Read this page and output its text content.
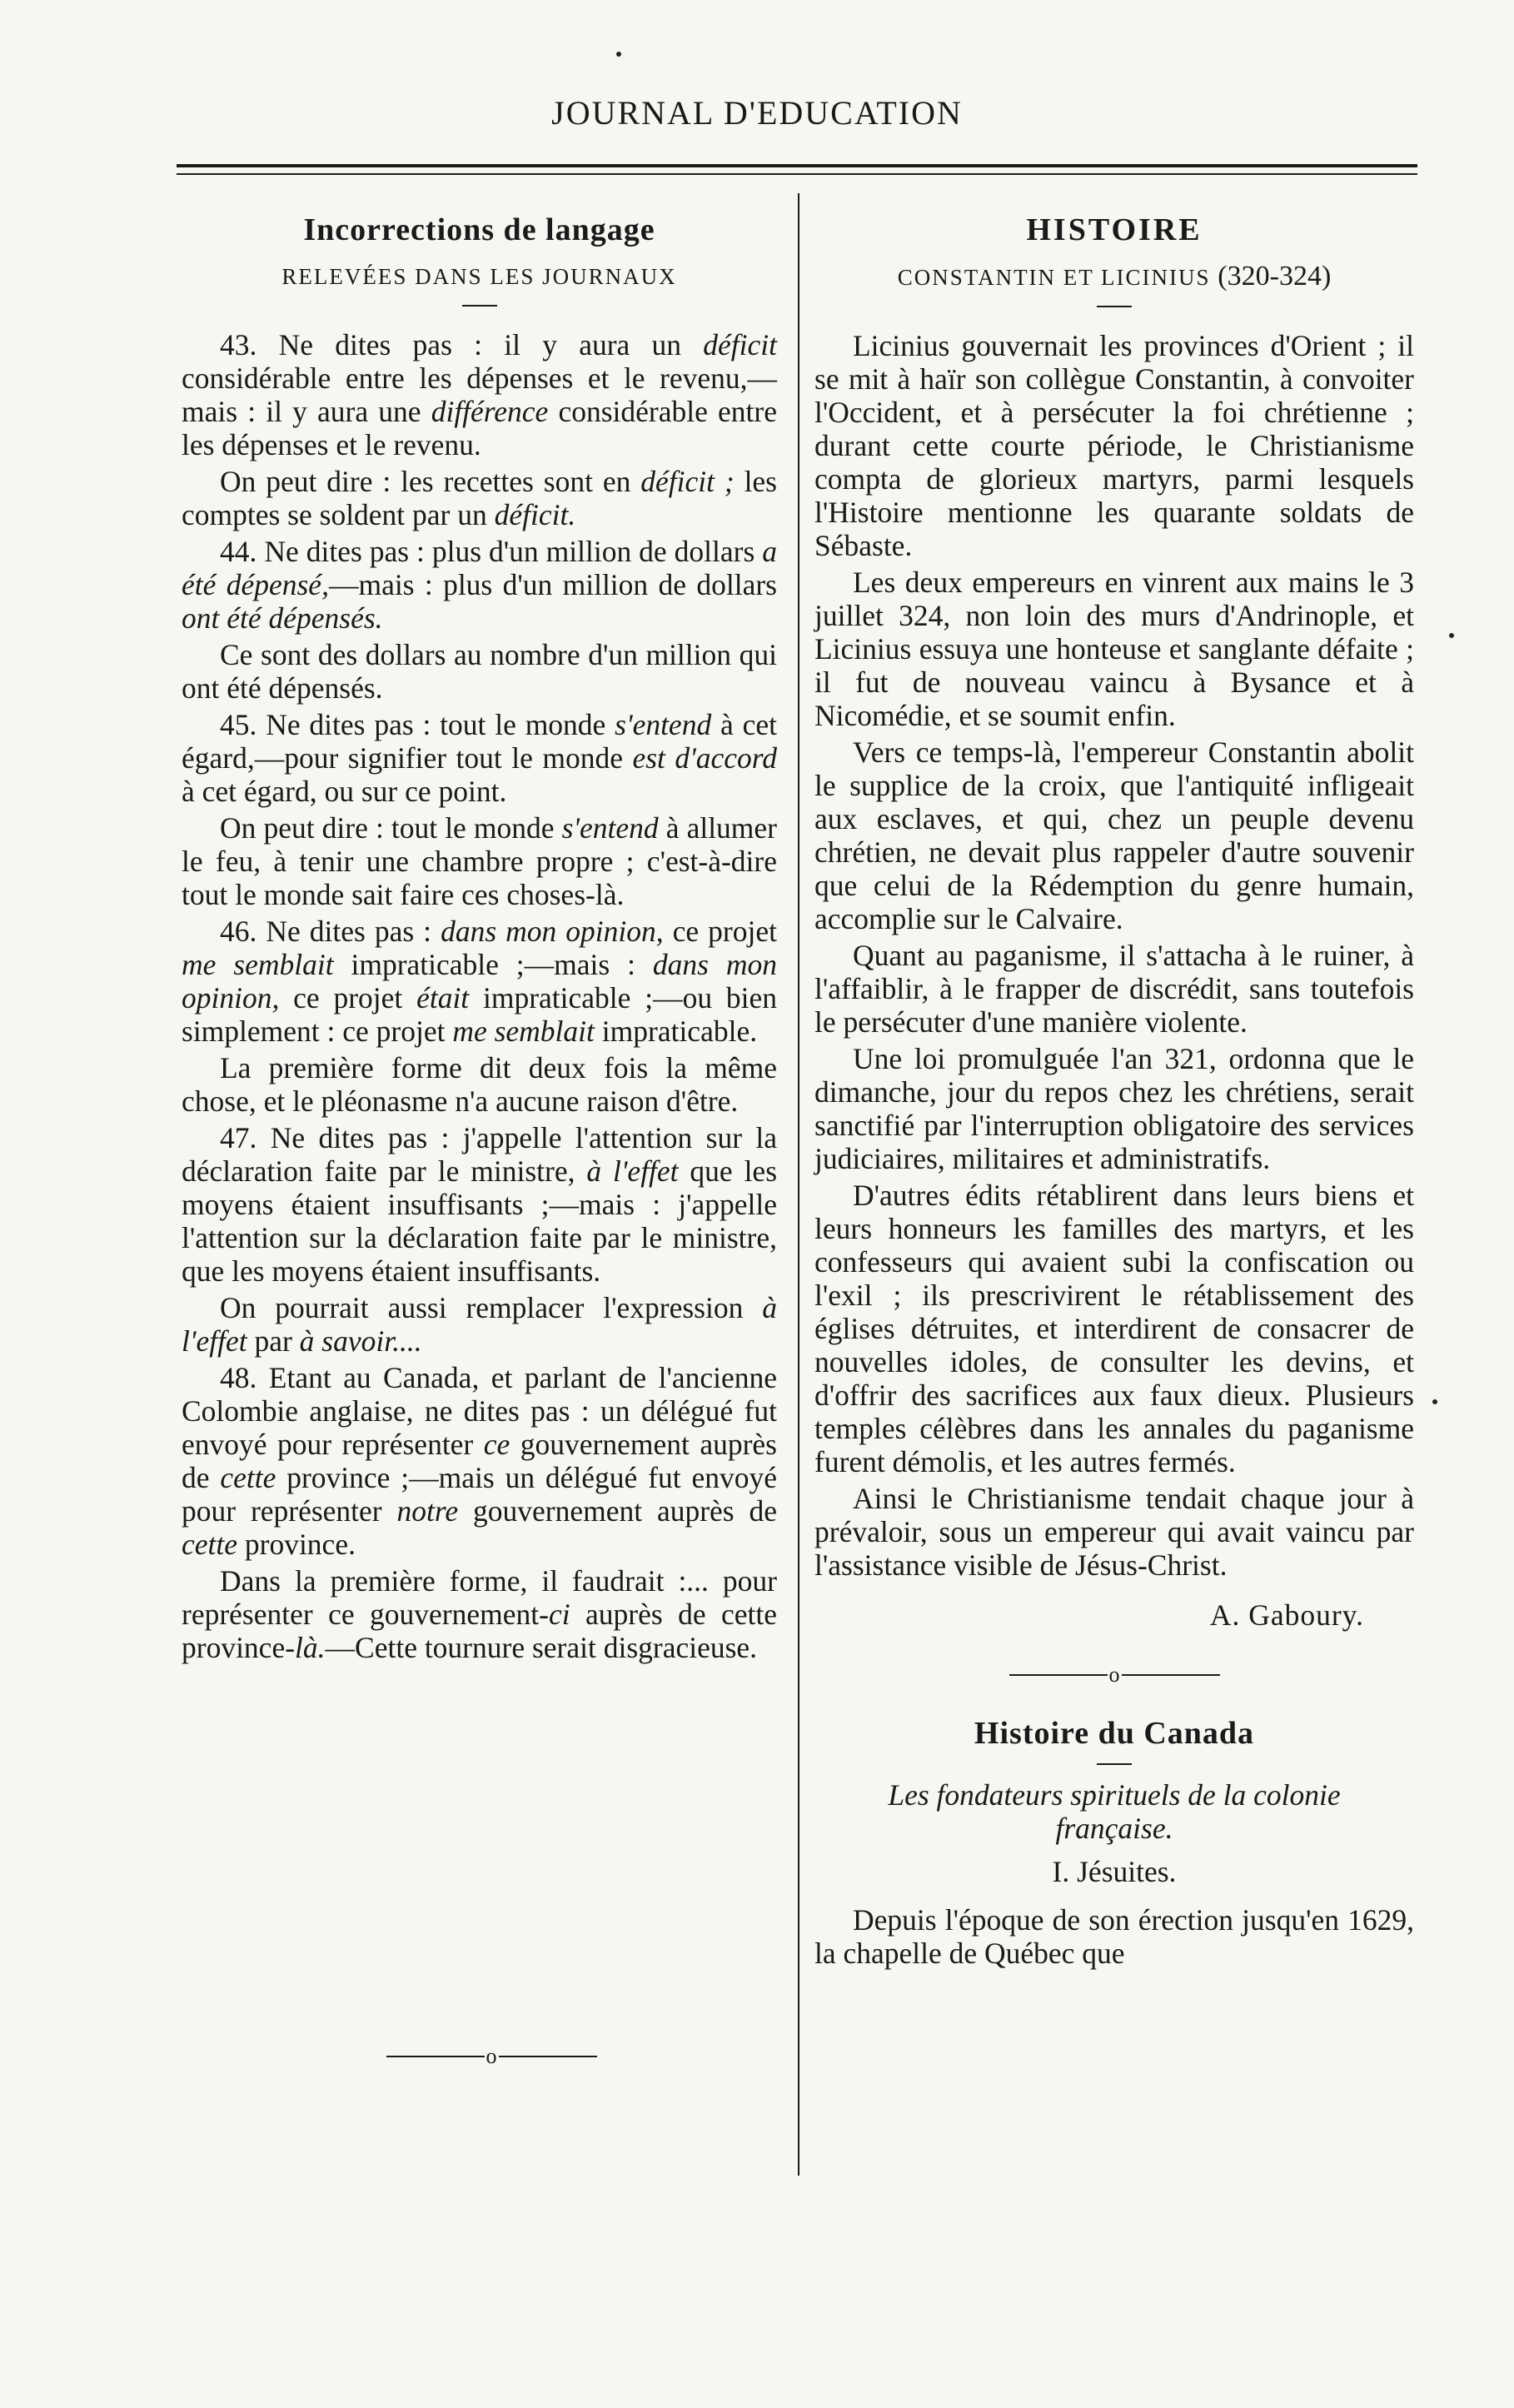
JOURNAL D'EDUCATION
Incorrections de langage
RELEVÉES DANS LES JOURNAUX

43. Ne dites pas : il y aura un déficit considérable entre les dépenses et le revenu,—mais : il y aura une différence considérable entre les dépenses et le revenu.

On peut dire : les recettes sont en déficit ; les comptes se soldent par un déficit.

44. Ne dites pas : plus d'un million de dollars a été dépensé,—mais : plus d'un million de dollars ont été dépensés.

Ce sont des dollars au nombre d'un million qui ont été dépensés.

45. Ne dites pas : tout le monde s'entend à cet égard,—pour signifier tout le monde est d'accord à cet égard, ou sur ce point.

On peut dire : tout le monde s'entend à allumer le feu, à tenir une chambre propre ; c'est-à-dire tout le monde sait faire ces choses-là.

46. Ne dites pas : dans mon opinion, ce projet me semblait impraticable ;—mais : dans mon opinion, ce projet était impraticable ;—ou bien simplement : ce projet me semblait impraticable.

La première forme dit deux fois la même chose, et le pléonasme n'a aucune raison d'être.

47. Ne dites pas : j'appelle l'attention sur la déclaration faite par le ministre, à l'effet que les moyens étaient insuffisants ;—mais : j'appelle l'attention sur la déclaration faite par le ministre, que les moyens étaient insuffisants.

On pourrait aussi remplacer l'expression à l'effet par à savoir....

48. Etant au Canada, et parlant de l'ancienne Colombie anglaise, ne dites pas : un délégué fut envoyé pour représenter ce gouvernement auprès de cette province ;—mais un délégué fut envoyé pour représenter notre gouvernement auprès de cette province.

Dans la première forme, il faudrait :... pour représenter ce gouvernement-ci auprès de cette province-là.—Cette tournure serait disgracieuse.

o
HISTOIRE
CONSTANTIN ET LICINIUS (320-324)

Licinius gouvernait les provinces d'Orient ; il se mit à haïr son collègue Constantin, à convoiter l'Occident, et à persécuter la foi chrétienne ; durant cette courte période, le Christianisme compta de glorieux martyrs, parmi lesquels l'Histoire mentionne les quarante soldats de Sébaste.

Les deux empereurs en vinrent aux mains le 3 juillet 324, non loin des murs d'Andrinople, et Licinius essuya une honteuse et sanglante défaite ; il fut de nouveau vaincu à Bysance et à Nicomédie, et se soumit enfin.

Vers ce temps-là, l'empereur Constantin abolit le supplice de la croix, que l'antiquité infligeait aux esclaves, et qui, chez un peuple devenu chrétien, ne devait plus rappeler d'autre souvenir que celui de la Rédemption du genre humain, accomplie sur le Calvaire.

Quant au paganisme, il s'attacha à le ruiner, à l'affaiblir, à le frapper de discrédit, sans toutefois le persécuter d'une manière violente.

Une loi promulguée l'an 321, ordonna que le dimanche, jour du repos chez les chrétiens, serait sanctifié par l'interruption obligatoire des services judiciaires, militaires et administratifs.

D'autres édits rétablirent dans leurs biens et leurs honneurs les familles des martyrs, et les confesseurs qui avaient subi la confiscation ou l'exil ; ils prescrivirent le rétablissement des églises détruites, et interdirent de consacrer de nouvelles idoles, de consulter les devins, et d'offrir des sacrifices aux faux dieux. Plusieurs temples célèbres dans les annales du paganisme furent démolis, et les autres fermés.

Ainsi le Christianisme tendait chaque jour à prévaloir, sous un empereur qui avait vaincu par l'assistance visible de Jésus-Christ.

A. Gaboury.
o
Histoire du Canada
Les fondateurs spirituels de la colonie française.
I. Jésuites.

Depuis l'époque de son érection jusqu'en 1629, la chapelle de Québec que
